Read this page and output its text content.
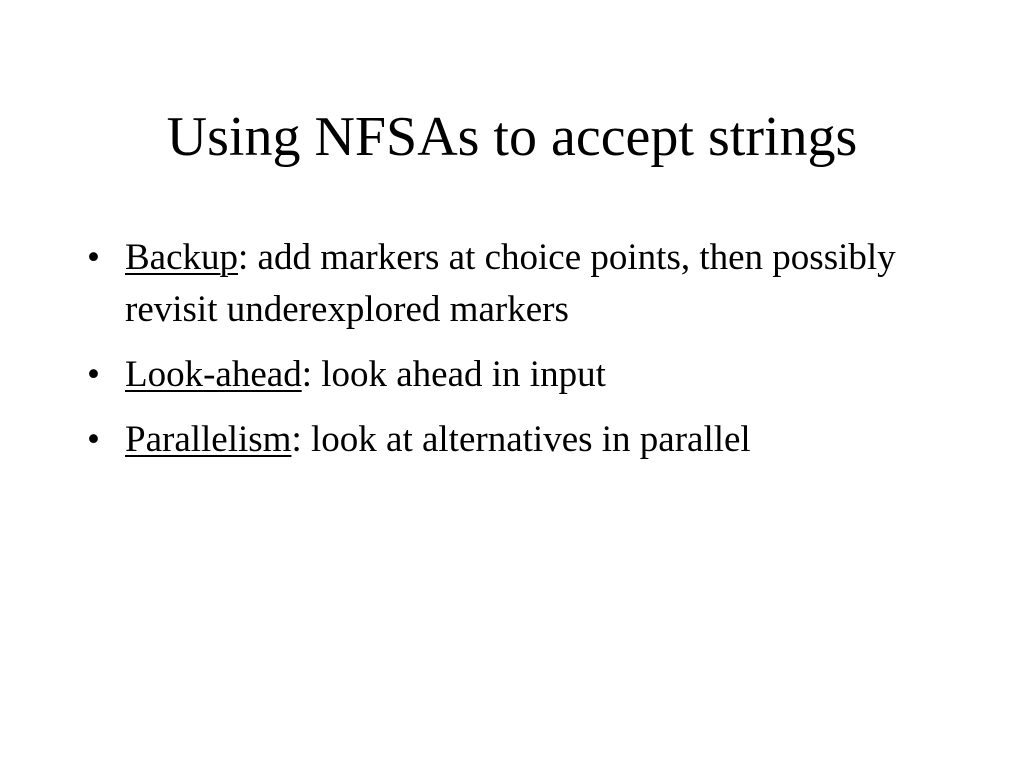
Using NFSAs to accept strings
• Backup: add markers at choice points, then possibly revisit underexplored markers
• Look-ahead: look ahead in input
• Parallelism: look at alternatives in parallel
